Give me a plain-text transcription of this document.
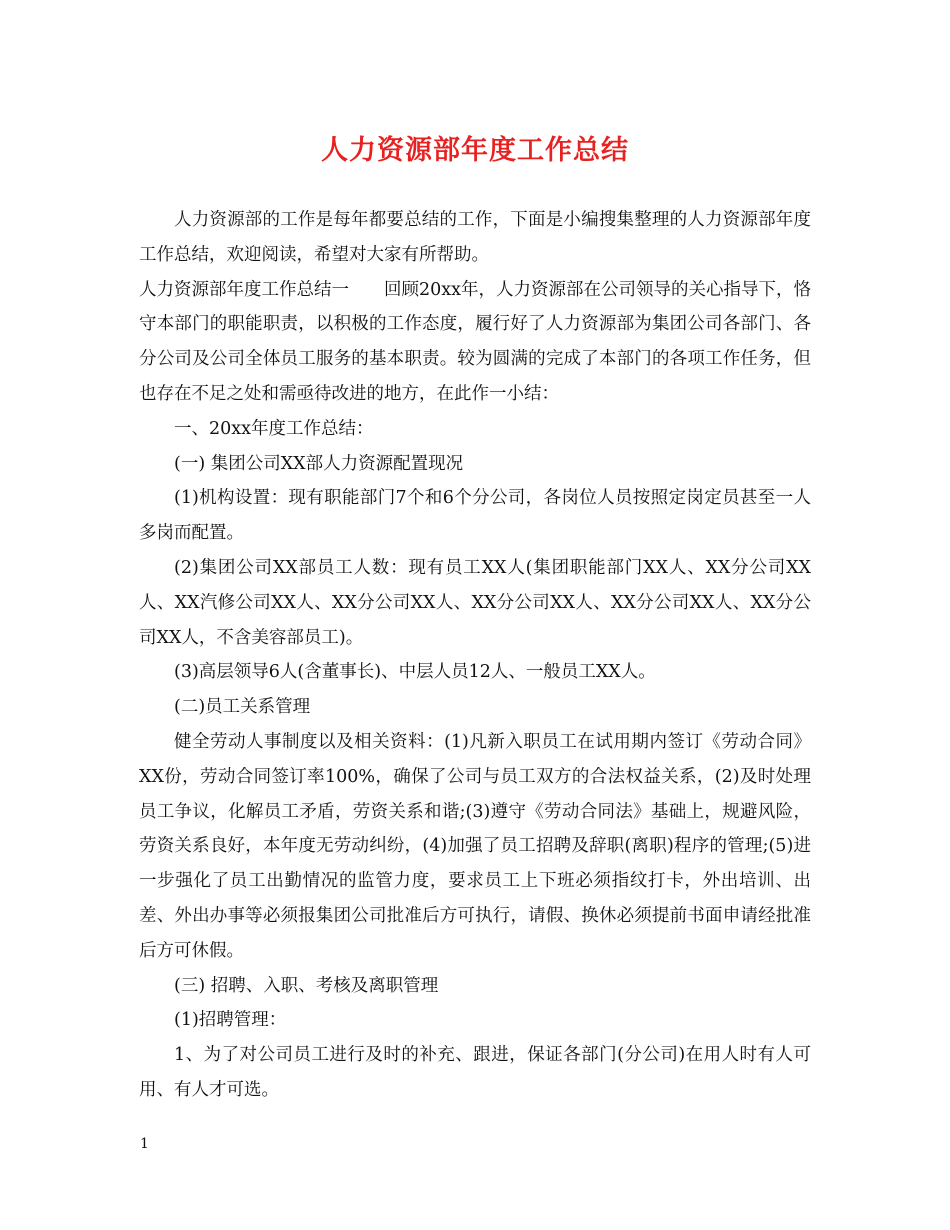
人力资源部年度工作总结

人力资源部的工作是每年都要总结的工作，下面是小编搜集整理的人力资源部年度工作总结，欢迎阅读，希望对大家有所帮助。

人力资源部年度工作总结一　　回顾20xx年，人力资源部在公司领导的关心指导下，恪守本部门的职能职责，以积极的工作态度，履行好了人力资源部为集团公司各部门、各分公司及公司全体员工服务的基本职责。较为圆满的完成了本部门的各项工作任务，但也存在不足之处和需亟待改进的地方，在此作一小结：

一、20xx年度工作总结：

(一) 集团公司XX部人力资源配置现况

(1)机构设置：现有职能部门7个和6个分公司，各岗位人员按照定岗定员甚至一人多岗而配置。

(2)集团公司XX部员工人数：现有员工XX人(集团职能部门XX人、XX分公司XX人、XX汽修公司XX人、XX分公司XX人、XX分公司XX人、XX分公司XX人、XX分公司XX人，不含美容部员工)。

(3)高层领导6人(含董事长)、中层人员12人、一般员工XX人。

(二)员工关系管理

健全劳动人事制度以及相关资料：(1)凡新入职员工在试用期内签订《劳动合同》XX份，劳动合同签订率100%，确保了公司与员工双方的合法权益关系，(2)及时处理员工争议，化解员工矛盾，劳资关系和谐;(3)遵守《劳动合同法》基础上，规避风险，劳资关系良好，本年度无劳动纠纷，(4)加强了员工招聘及辞职(离职)程序的管理;(5)进一步强化了员工出勤情况的监管力度，要求员工上下班必须指纹打卡，外出培训、出差、外出办事等必须报集团公司批准后方可执行，请假、换休必须提前书面申请经批准后方可休假。

(三) 招聘、入职、考核及离职管理

(1)招聘管理：

1、为了对公司员工进行及时的补充、跟进，保证各部门(分公司)在用人时有人可用、有人才可选。

1
